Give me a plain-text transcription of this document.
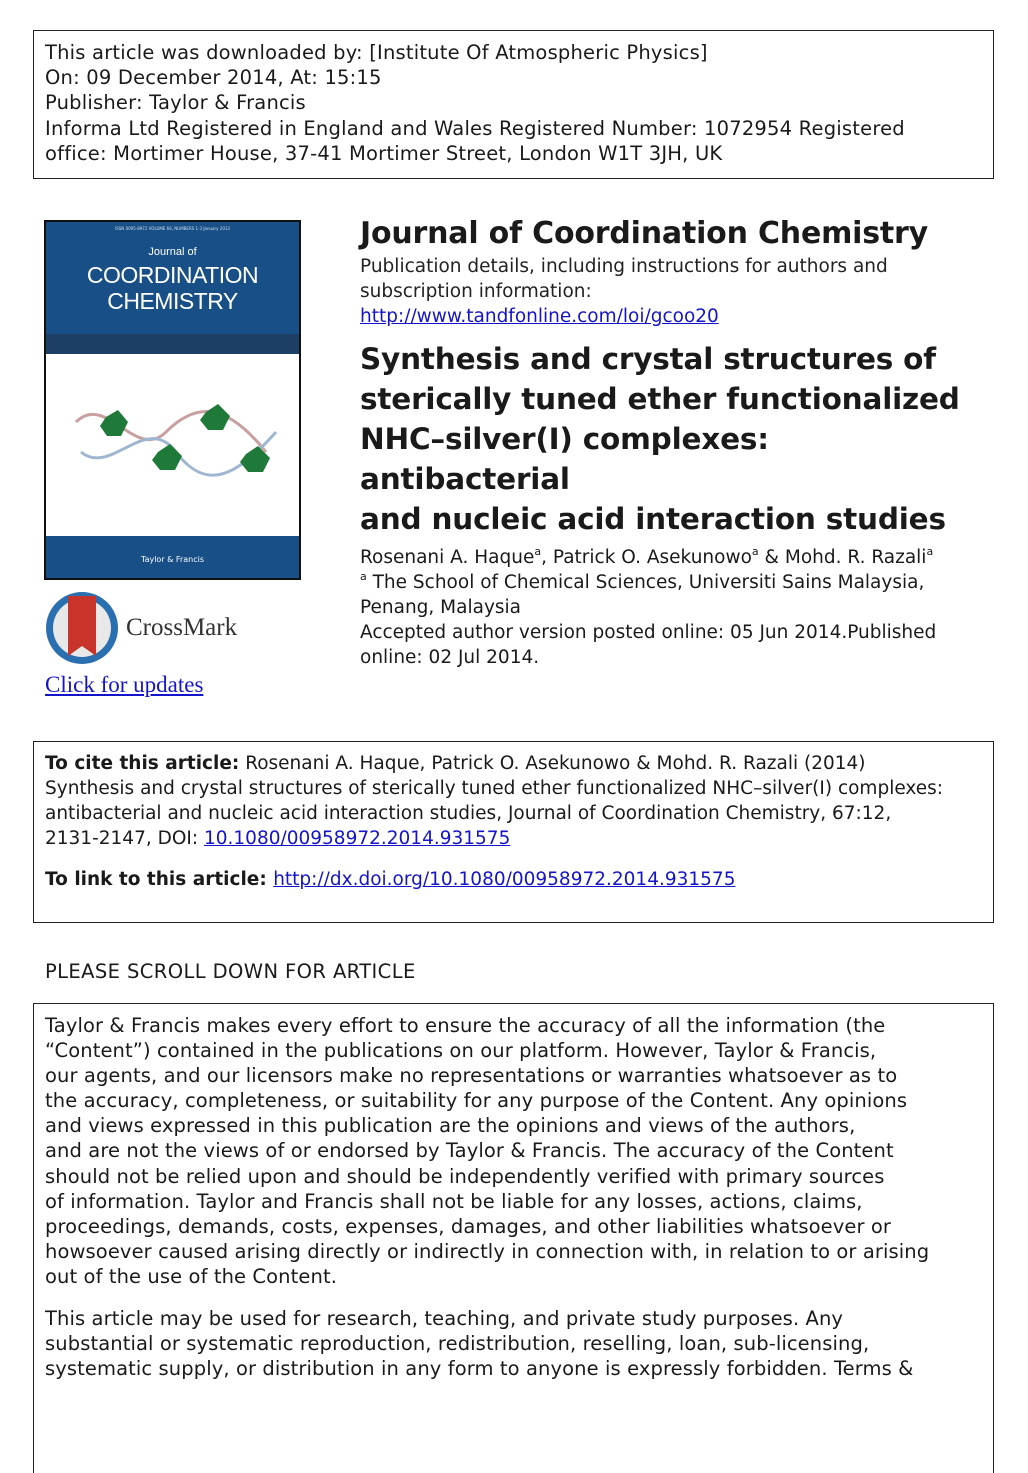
This article was downloaded by: [Institute Of Atmospheric Physics]
On: 09 December 2014, At: 15:15
Publisher: Taylor & Francis
Informa Ltd Registered in England and Wales Registered Number: 1072954 Registered
office: Mortimer House, 37-41 Mortimer Street, London W1T 3JH, UK
ISSN 0095-8972 VOLUME 66, NUMBERS 1-3 January 2013
Journal of
COORDINATION
CHEMISTRY
Taylor & Francis
CrossMark
Click for updates
Journal of Coordination Chemistry
Publication details, including instructions for authors and
subscription information:
http://www.tandfonline.com/loi/gcoo20
Synthesis and crystal structures of
sterically tuned ether functionalized
NHC–silver(I) complexes: antibacterial
and nucleic acid interaction studies
Rosenani A. Haque$^a$, Patrick O. Asekunowo$^a$ & Mohd. R. Razali$^a$
$^a$ The School of Chemical Sciences, Universiti Sains Malaysia,
Penang, Malaysia
Accepted author version posted online: 05 Jun 2014.Published
online: 02 Jul 2014.
To cite this article: Rosenani A. Haque, Patrick O. Asekunowo & Mohd. R. Razali (2014)
Synthesis and crystal structures of sterically tuned ether functionalized NHC–silver(I) complexes:
antibacterial and nucleic acid interaction studies, Journal of Coordination Chemistry, 67:12,
2131-2147, DOI: 10.1080/00958972.2014.931575
To link to this article: http://dx.doi.org/10.1080/00958972.2014.931575
PLEASE SCROLL DOWN FOR ARTICLE

Taylor & Francis makes every effort to ensure the accuracy of all the information (the
“Content”) contained in the publications on our platform. However, Taylor & Francis,
our agents, and our licensors make no representations or warranties whatsoever as to
the accuracy, completeness, or suitability for any purpose of the Content. Any opinions
and views expressed in this publication are the opinions and views of the authors,
and are not the views of or endorsed by Taylor & Francis. The accuracy of the Content
should not be relied upon and should be independently verified with primary sources
of information. Taylor and Francis shall not be liable for any losses, actions, claims,
proceedings, demands, costs, expenses, damages, and other liabilities whatsoever or
howsoever caused arising directly or indirectly in connection with, in relation to or arising
out of the use of the Content.

This article may be used for research, teaching, and private study purposes. Any
substantial or systematic reproduction, redistribution, reselling, loan, sub-licensing,
systematic supply, or distribution in any form to anyone is expressly forbidden. Terms &
